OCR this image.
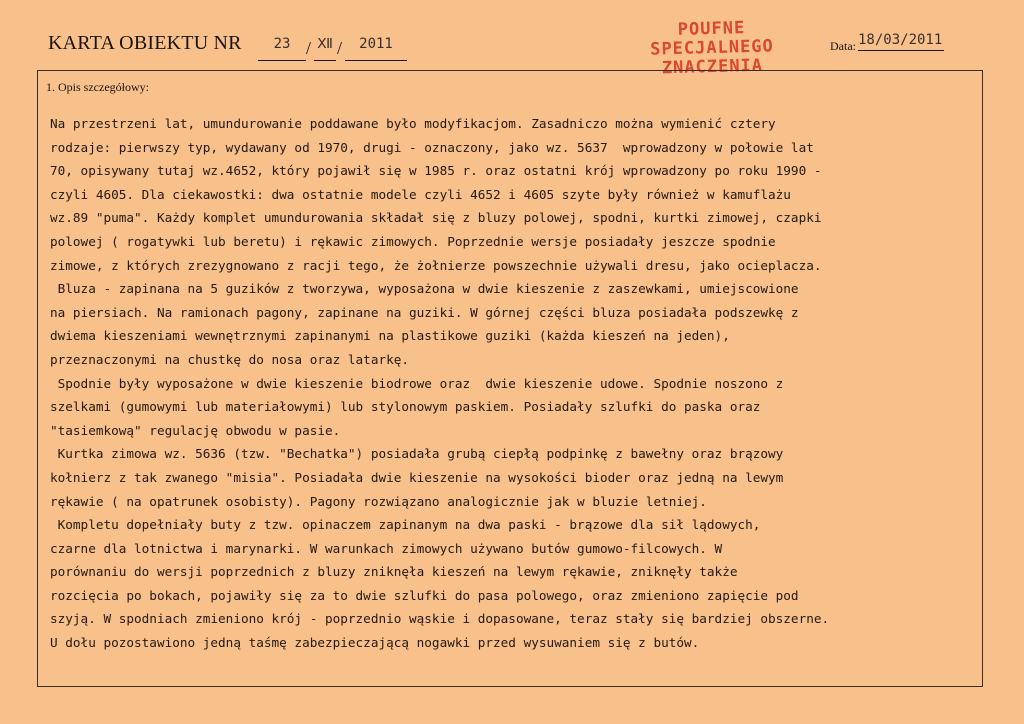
KARTA OBIEKTU NR	23 / Ⅻ /	2011
POUFNE
SPECJALNEGO
ZNACZENIA
Data: 18/03/2011
1. Opis szczegółowy:
Na przestrzeni lat, umundurowanie poddawane było modyfikacjom. Zasadniczo można wymienić cztery
rodzaje: pierwszy typ, wydawany od 1970, drugi - oznaczony, jako wz. 5637  wprowadzony w połowie lat
70, opisywany tutaj wz.4652, który pojawił się w 1985 r. oraz ostatni krój wprowadzony po roku 1990 -
czyli 4605. Dla ciekawostki: dwa ostatnie modele czyli 4652 i 4605 szyte były również w kamuflażu
wz.89 "puma". Każdy komplet umundurowania składał się z bluzy polowej, spodni, kurtki zimowej, czapki
polowej ( rogatywki lub beretu) i rękawic zimowych. Poprzednie wersje posiadały jeszcze spodnie
zimowe, z których zrezygnowano z racji tego, że żołnierze powszechnie używali dresu, jako ocieplacza.
Bluza - zapinana na 5 guzików z tworzywa, wyposażona w dwie kieszenie z zaszewkami, umiejscowione
na piersiach. Na ramionach pagony, zapinane na guziki. W górnej części bluza posiadała podszewkę z
dwiema kieszeniami wewnętrznymi zapinanymi na plastikowe guziki (każda kieszeń na jeden),
przeznaczonymi na chustkę do nosa oraz latarkę.
Spodnie były wyposażone w dwie kieszenie biodrowe oraz  dwie kieszenie udowe. Spodnie noszono z
szelkami (gumowymi lub materiałowymi) lub stylonowym paskiem. Posiadały szlufki do paska oraz
"tasiemkową" regulację obwodu w pasie.
Kurtka zimowa wz. 5636 (tzw. "Bechatka") posiadała grubą ciepłą podpinkę z bawełny oraz brązowy
kołnierz z tak zwanego "misia". Posiadała dwie kieszenie na wysokości bioder oraz jedną na lewym
rękawie ( na opatrunek osobisty). Pagony rozwiązano analogicznie jak w bluzie letniej.
Kompletu dopełniały buty z tzw. opinaczem zapinanym na dwa paski - brązowe dla sił lądowych,
czarne dla lotnictwa i marynarki. W warunkach zimowych używano butów gumowo-filcowych. W
porównaniu do wersji poprzednich z bluzy zniknęła kieszeń na lewym rękawie, zniknęły także
rozcięcia po bokach, pojawiły się za to dwie szlufki do pasa polowego, oraz zmieniono zapięcie pod
szyją. W spodniach zmieniono krój - poprzednio wąskie i dopasowane, teraz stały się bardziej obszerne.
U dołu pozostawiono jedną taśmę zabezpieczającą nogawki przed wysuwaniem się z butów.
